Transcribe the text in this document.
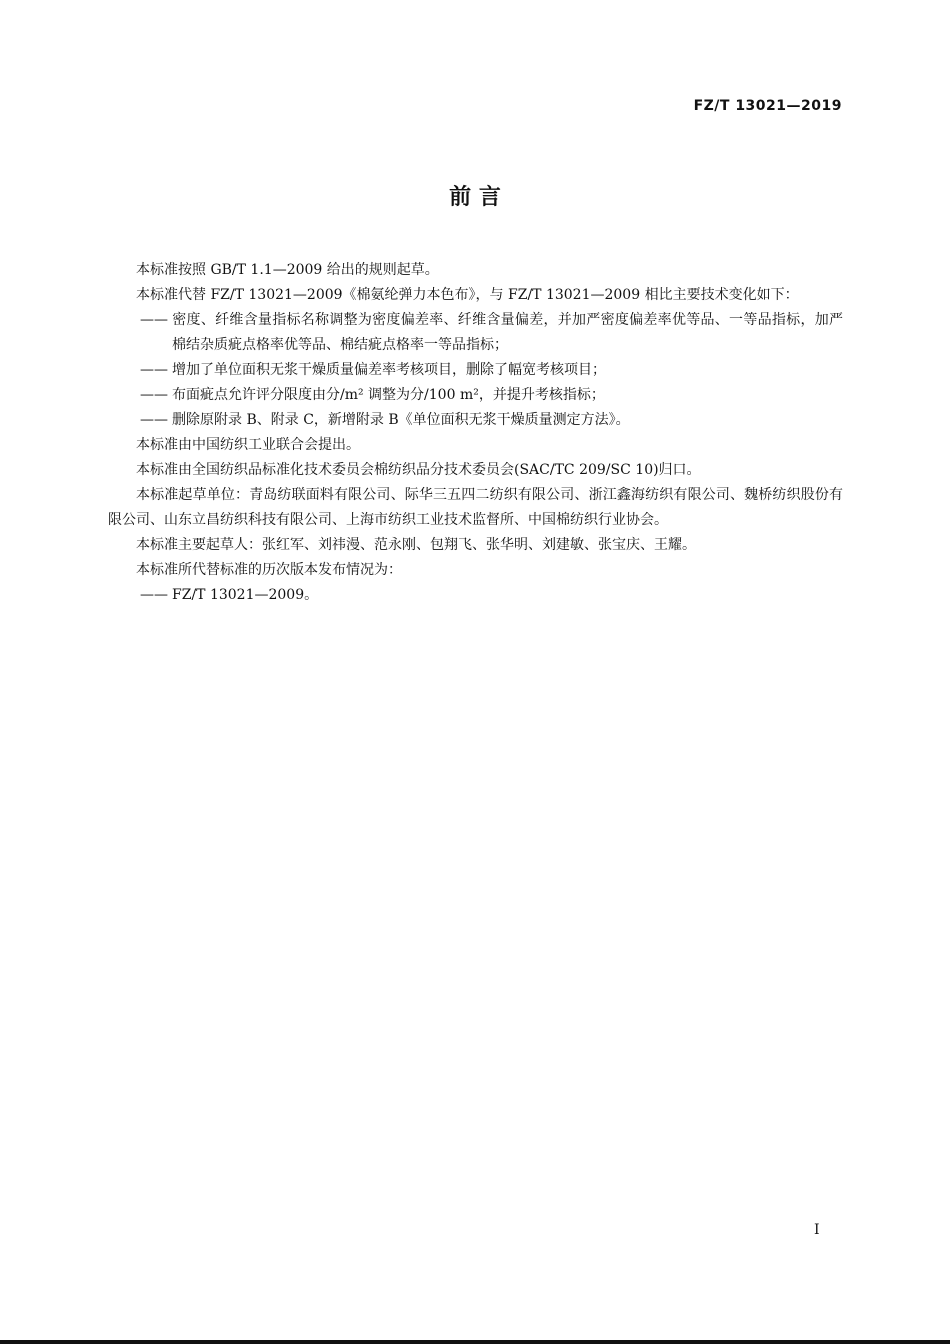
FZ/T 13021—2019
前 言

本标准按照 GB/T 1.1—2009 给出的规则起草。

本标准代替 FZ/T 13021—2009《棉氨纶弹力本色布》，与 FZ/T 13021—2009 相比主要技术变化如下：

—— 密度、纤维含量指标名称调整为密度偏差率、纤维含量偏差，并加严密度偏差率优等品、一等品指标，加严棉结杂质疵点格率优等品、棉结疵点格率一等品指标；

—— 增加了单位面积无浆干燥质量偏差率考核项目，删除了幅宽考核项目；

—— 布面疵点允许评分限度由分/m² 调整为分/100 m²，并提升考核指标；

—— 删除原附录 B、附录 C，新增附录 B《单位面积无浆干燥质量测定方法》。

本标准由中国纺织工业联合会提出。

本标准由全国纺织品标准化技术委员会棉纺织品分技术委员会(SAC/TC 209/SC 10)归口。

本标准起草单位：青岛纺联面料有限公司、际华三五四二纺织有限公司、浙江鑫海纺织有限公司、魏桥纺织股份有限公司、山东立昌纺织科技有限公司、上海市纺织工业技术监督所、中国棉纺织行业协会。

本标准主要起草人：张红军、刘祎漫、范永刚、包翔飞、张华明、刘建敏、张宝庆、王耀。

本标准所代替标准的历次版本发布情况为：

—— FZ/T 13021—2009。

I
